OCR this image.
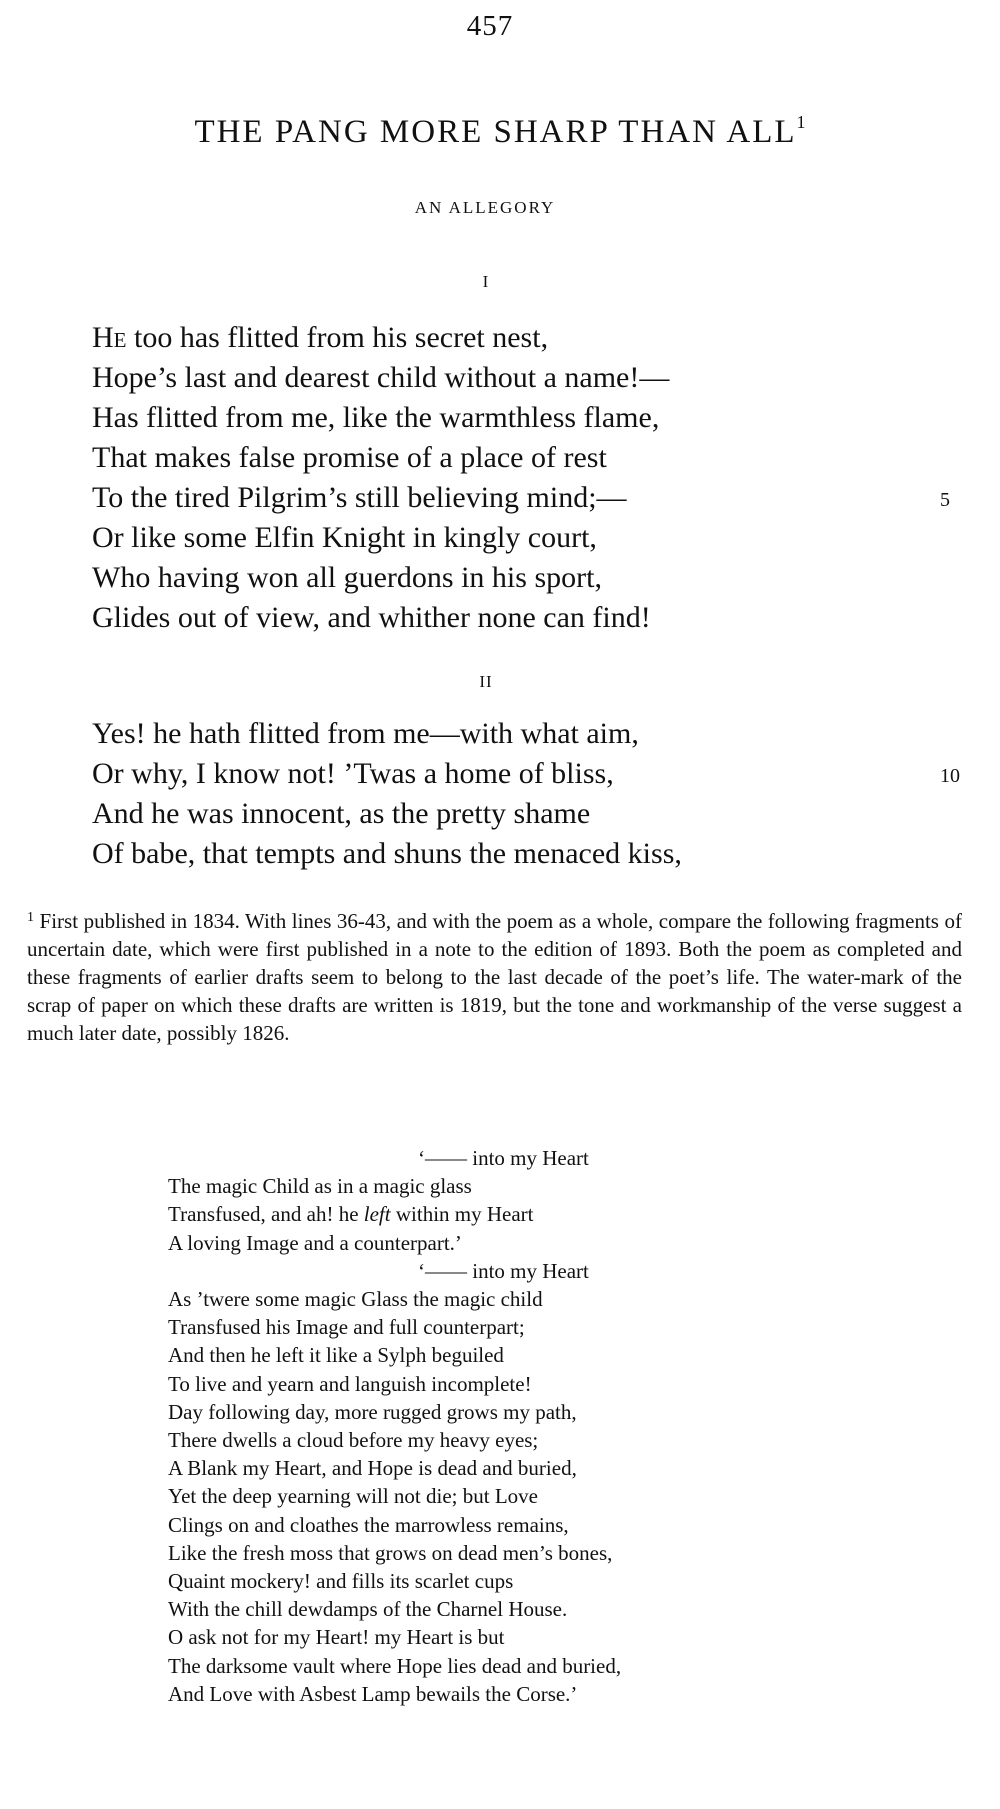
457
THE PANG MORE SHARP THAN ALL$^1$
AN ALLEGORY
I
He too has flitted from his secret nest,
Hope’s last and dearest child without a name!—
Has flitted from me, like the warmthless flame,
That makes false promise of a place of rest
To the tired Pilgrim’s still believing mind;—	5
Or like some Elfin Knight in kingly court,
Who having won all guerdons in his sport,
Glides out of view, and whither none can find!
II
Yes! he hath flitted from me—with what aim,
Or why, I know not! ’Twas a home of bliss,	10
And he was innocent, as the pretty shame
Of babe, that tempts and shuns the menaced kiss,
$^1$ First published in 1834. With lines 36-43, and with the poem as a whole, compare the following fragments of uncertain date, which were first published in a note to the edition of 1893. Both the poem as completed and these fragments of earlier drafts seem to belong to the last decade of the poet’s life. The water-mark of the scrap of paper on which these drafts are written is 1819, but the tone and workmanship of the verse suggest a much later date, possibly 1826.
‘—— into my Heart
The magic Child as in a magic glass
Transfused, and ah! he left within my Heart
A loving Image and a counterpart.’
‘—— into my Heart
As ’twere some magic Glass the magic child
Transfused his Image and full counterpart;
And then he left it like a Sylph beguiled
To live and yearn and languish incomplete!
Day following day, more rugged grows my path,
There dwells a cloud before my heavy eyes;
A Blank my Heart, and Hope is dead and buried,
Yet the deep yearning will not die; but Love
Clings on and cloathes the marrowless remains,
Like the fresh moss that grows on dead men’s bones,
Quaint mockery! and fills its scarlet cups
With the chill dewdamps of the Charnel House.
O ask not for my Heart! my Heart is but
The darksome vault where Hope lies dead and buried,
And Love with Asbest Lamp bewails the Corse.’
